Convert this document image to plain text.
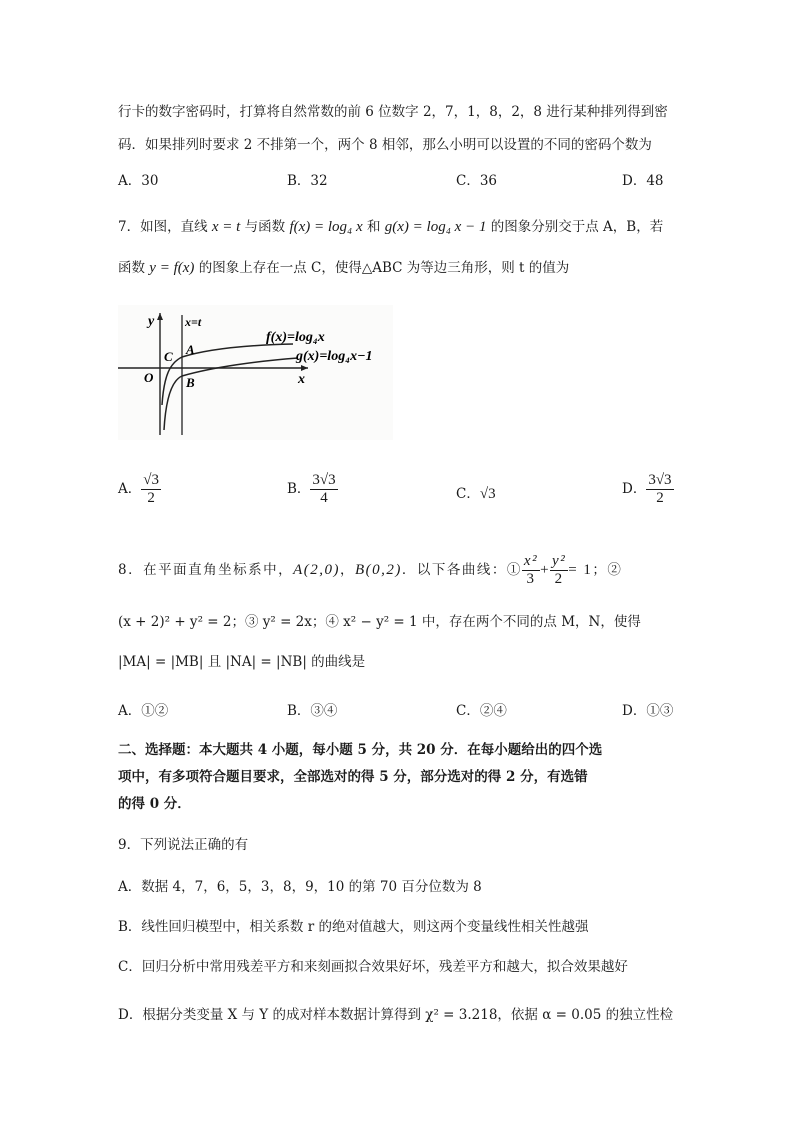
行卡的数字密码时，打算将自然常数的前 6 位数字 2，7，1，8，2，8 进行某种排列得到密
码．如果排列时要求 2 不排第一个，两个 8 相邻，那么小明可以设置的不同的密码个数为
A．30	B．32	C．36	D．48
7．如图，直线 x = t 与函数 f(x) = log₄ x 和 g(x) = log₄ x − 1 的图象分别交于点 A，B，若
函数 y = f(x) 的图象上存在一点 C，使得△ABC 为等边三角形，则 t 的值为
y	x=t
f(x)=log₄x
g(x)=log₄x−1
A
B
C
O	x
A． $\frac{√3}{2}$	B． $\frac{3√3}{4}$	C．√3	D． $\frac{3√3}{2}$
8．在平面直角坐标系中，A(2,0)，B(0,2)．以下各曲线：① $\frac{\text{x²}}{3} + \frac{\text{y²}}{2} = 1$；②
(x + 2)² + y² = 2；③ y² = 2x；④ x² − y² = 1 中，存在两个不同的点 M，N，使得
|MA| = |MB| 且 |NA| = |NB| 的曲线是
A．①②	B．③④	C．②④	D．①③
二、选择题：本大题共 4 小题，每小题 5 分，共 20 分．在每小题给出的四个选
项中，有多项符合题目要求，全部选对的得 5 分，部分选对的得 2 分，有选错
的得 0 分．
9．下列说法正确的有
A．数据 4，7，6，5，3，8，9，10 的第 70 百分位数为 8
B．线性回归模型中，相关系数 r 的绝对值越大，则这两个变量线性相关性越强
C．回归分析中常用残差平方和来刻画拟合效果好坏，残差平方和越大，拟合效果越好
D．根据分类变量 X 与 Y 的成对样本数据计算得到 χ² = 3.218，依据 α = 0.05 的独立性检
